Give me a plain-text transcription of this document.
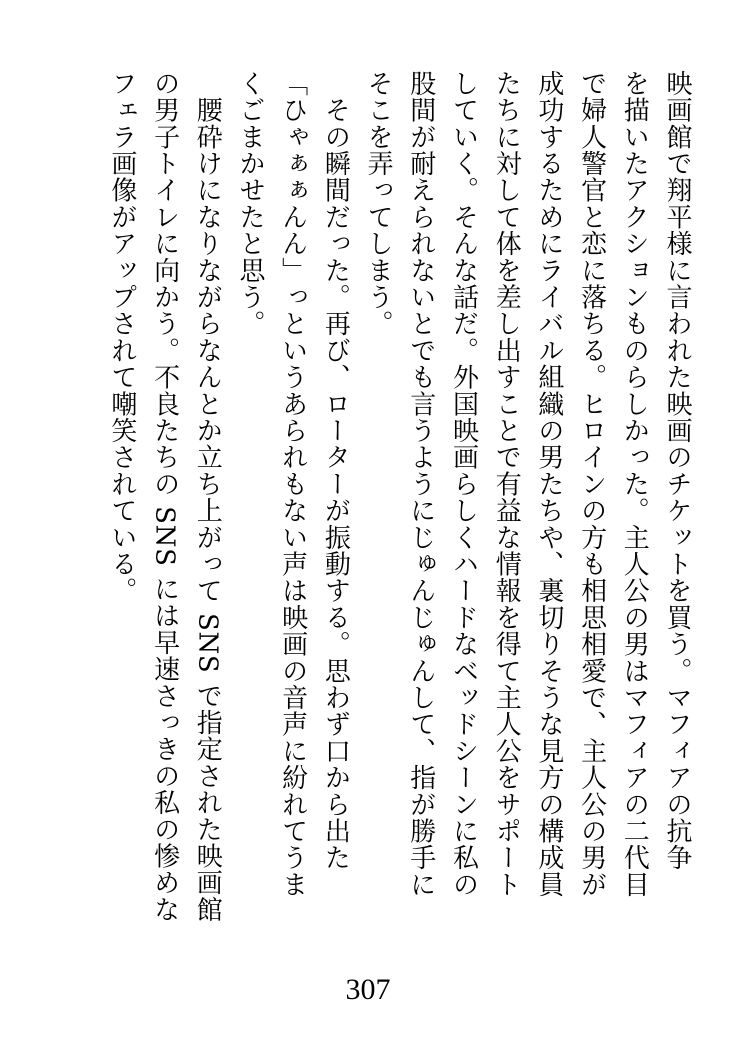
映画館で翔平様に言われた映画のチケットを買う。マフィアの抗争
を描いたアクションものらしかった。主人公の男はマフィアの二代目
で婦人警官と恋に落ちる。ヒロインの方も相思相愛で、主人公の男が
成功するためにライバル組織の男たちや、裏切りそうな見方の構成員
たちに対して体を差し出すことで有益な情報を得て主人公をサポート
していく。そんな話だ。外国映画らしくハードなベッドシーンに私の
股間が耐えられないとでも言うようにじゅんじゅんして、指が勝手に
そこを弄ってしまう。
　その瞬間だった。再び、ローターが振動する。思わず口から出た
「ひゃぁぁんん」っというあられもない声は映画の音声に紛れてうま
くごまかせたと思う。
　腰砕けになりながらなんとか立ち上がって SNS で指定された映画館
の男子トイレに向かう。不良たちの SNS には早速さっきの私の惨めな
フェラ画像がアップされて嘲笑されている。
307
